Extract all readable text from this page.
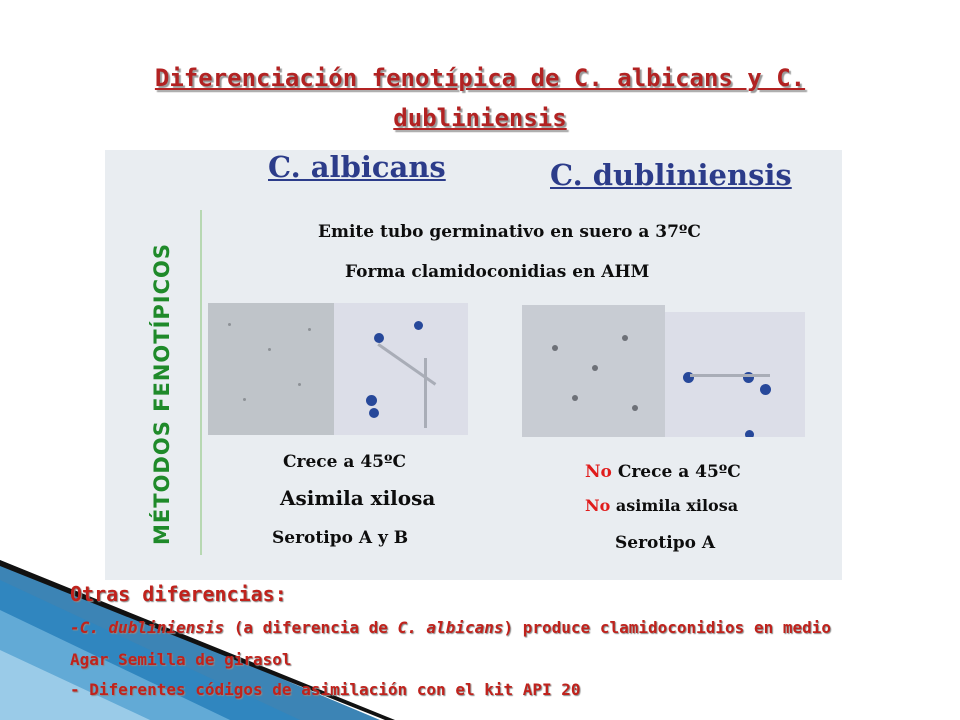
Diferenciación fenotípica de C. albicans y C.
dubliniensis
MÉTODOS FENOTÍPICOS
C. albicans	C. dubliniensis
Emite tubo germinativo en suero a 37ºC
Forma clamidoconidias en AHM
Crece a 45ºC
Asimila xilosa
Serotipo A y B
No Crece a 45ºC
No asimila xilosa
Serotipo A
Otras diferencias:
-C. dubliniensis (a diferencia de C. albicans) produce clamidoconidios en medio
Agar Semilla de girasol
- Diferentes códigos de asimilación con el kit API 20
